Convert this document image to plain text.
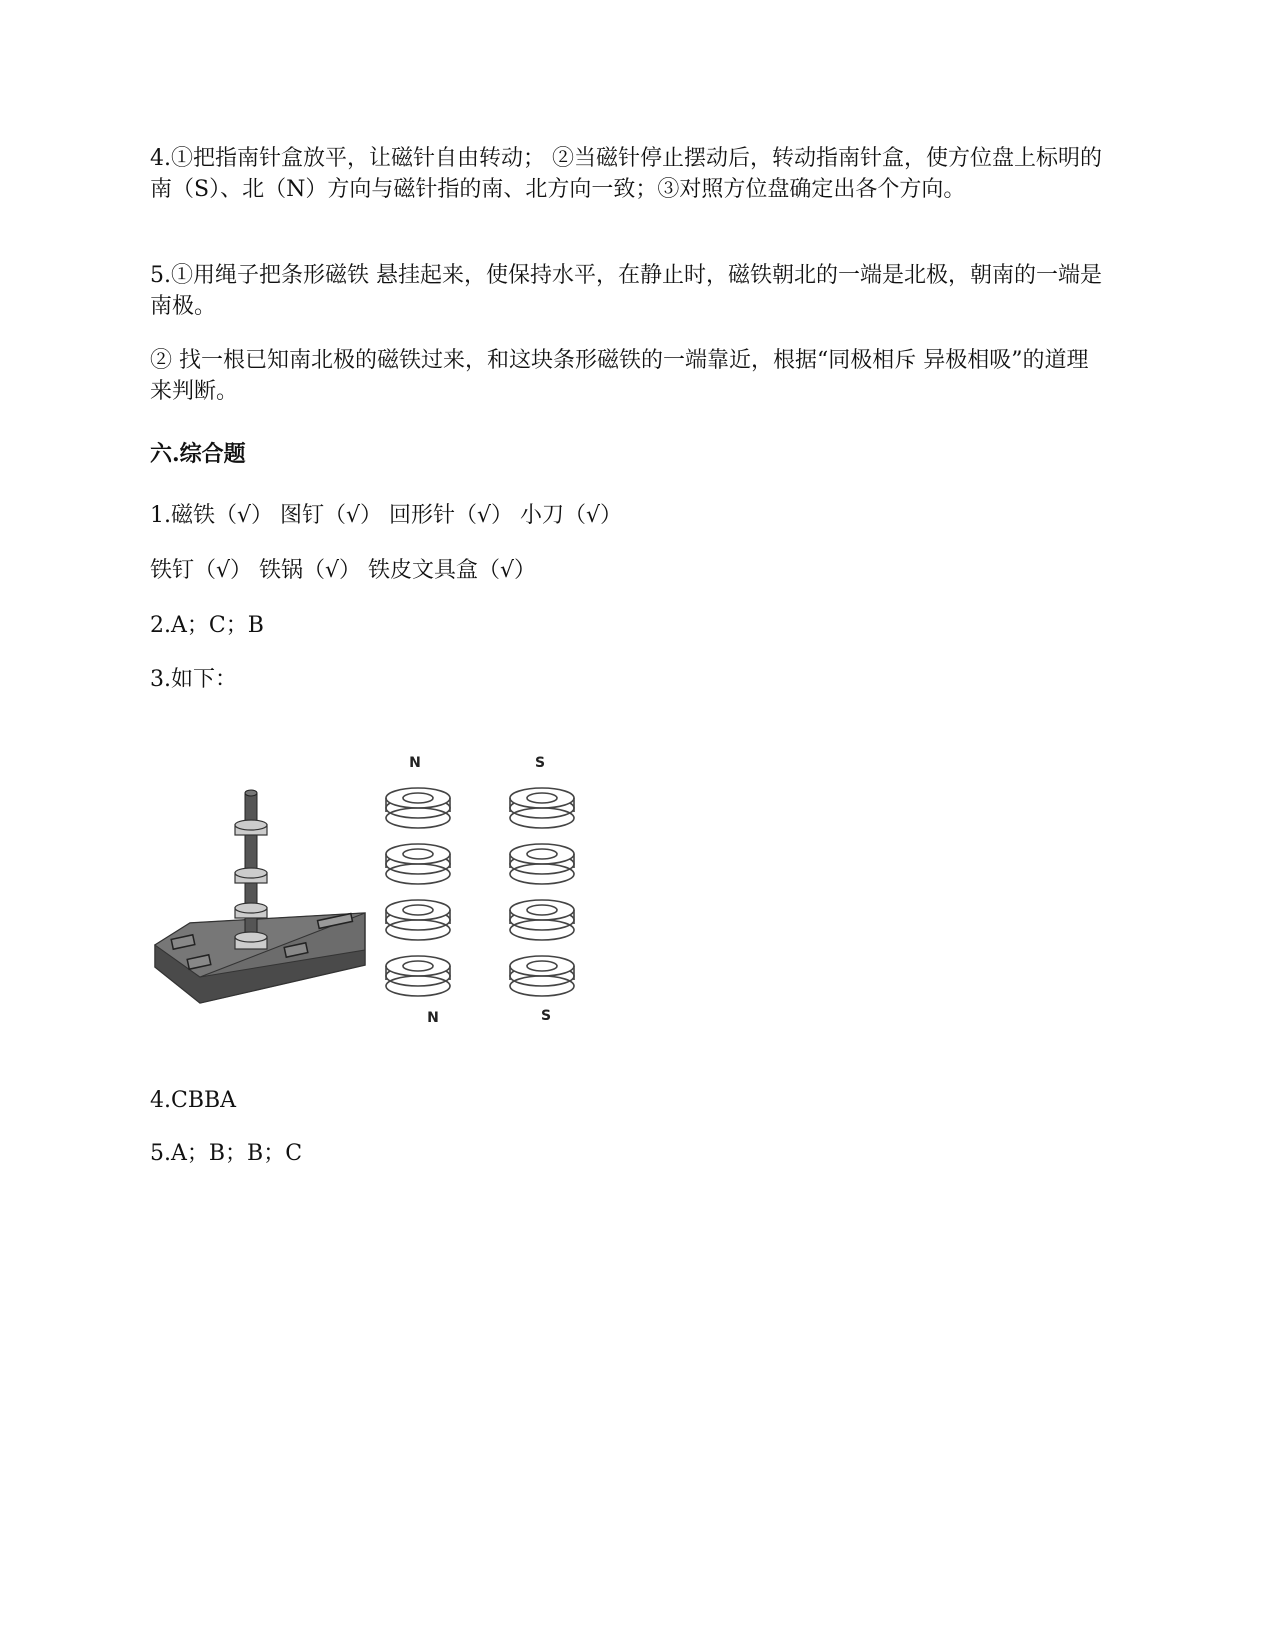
4.①把指南针盒放平，让磁针自由转动； ②当磁针停止摆动后，转动指南针盒，使方位盘上标明的南（S）、北（N）方向与磁针指的南、北方向一致；③对照方位盘确定出各个方向。

5.①用绳子把条形磁铁 悬挂起来，使保持水平，在静止时，磁铁朝北的一端是北极，朝南的一端是南极。

② 找一根已知南北极的磁铁过来，和这块条形磁铁的一端靠近，根据“同极相斥 异极相吸”的道理来判断。

六.综合题

1.磁铁（√） 图钉（√） 回形针（√） 小刀（√）

铁钉（√） 铁锅（√） 铁皮文具盒（√）

2.A；C；B

3.如下：

N	S
N	S

4.CBBA

5.A；B；B；C
